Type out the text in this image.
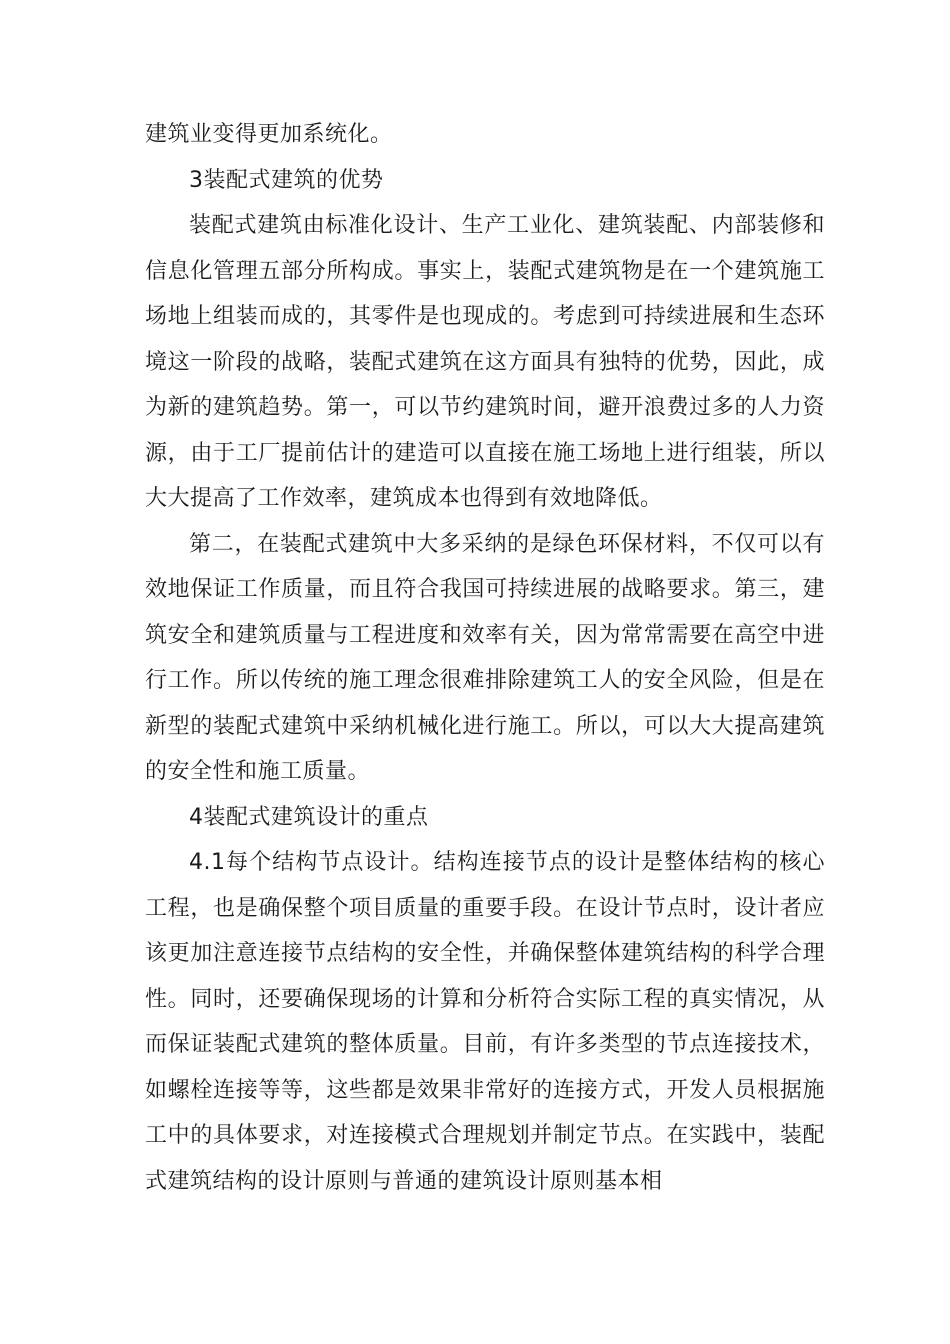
建筑业变得更加系统化。

3装配式建筑的优势

装配式建筑由标准化设计、生产工业化、建筑装配、内部装修和信息化管理五部分所构成。事实上，装配式建筑物是在一个建筑施工场地上组装而成的，其零件是也现成的。考虑到可持续进展和生态环境这一阶段的战略，装配式建筑在这方面具有独特的优势，因此，成为新的建筑趋势。第一，可以节约建筑时间，避开浪费过多的人力资源，由于工厂提前估计的建造可以直接在施工场地上进行组装，所以大大提高了工作效率，建筑成本也得到有效地降低。

第二，在装配式建筑中大多采纳的是绿色环保材料，不仅可以有效地保证工作质量，而且符合我国可持续进展的战略要求。第三，建筑安全和建筑质量与工程进度和效率有关，因为常常需要在高空中进行工作。所以传统的施工理念很难排除建筑工人的安全风险，但是在新型的装配式建筑中采纳机械化进行施工。所以，可以大大提高建筑的安全性和施工质量。

4装配式建筑设计的重点

4.1每个结构节点设计。结构连接节点的设计是整体结构的核心工程，也是确保整个项目质量的重要手段。在设计节点时，设计者应该更加注意连接节点结构的安全性，并确保整体建筑结构的科学合理性。同时，还要确保现场的计算和分析符合实际工程的真实情况，从而保证装配式建筑的整体质量。目前，有许多类型的节点连接技术，如螺栓连接等等，这些都是效果非常好的连接方式，开发人员根据施工中的具体要求，对连接模式合理规划并制定节点。在实践中，装配式建筑结构的设计原则与普通的建筑设计原则基本相
